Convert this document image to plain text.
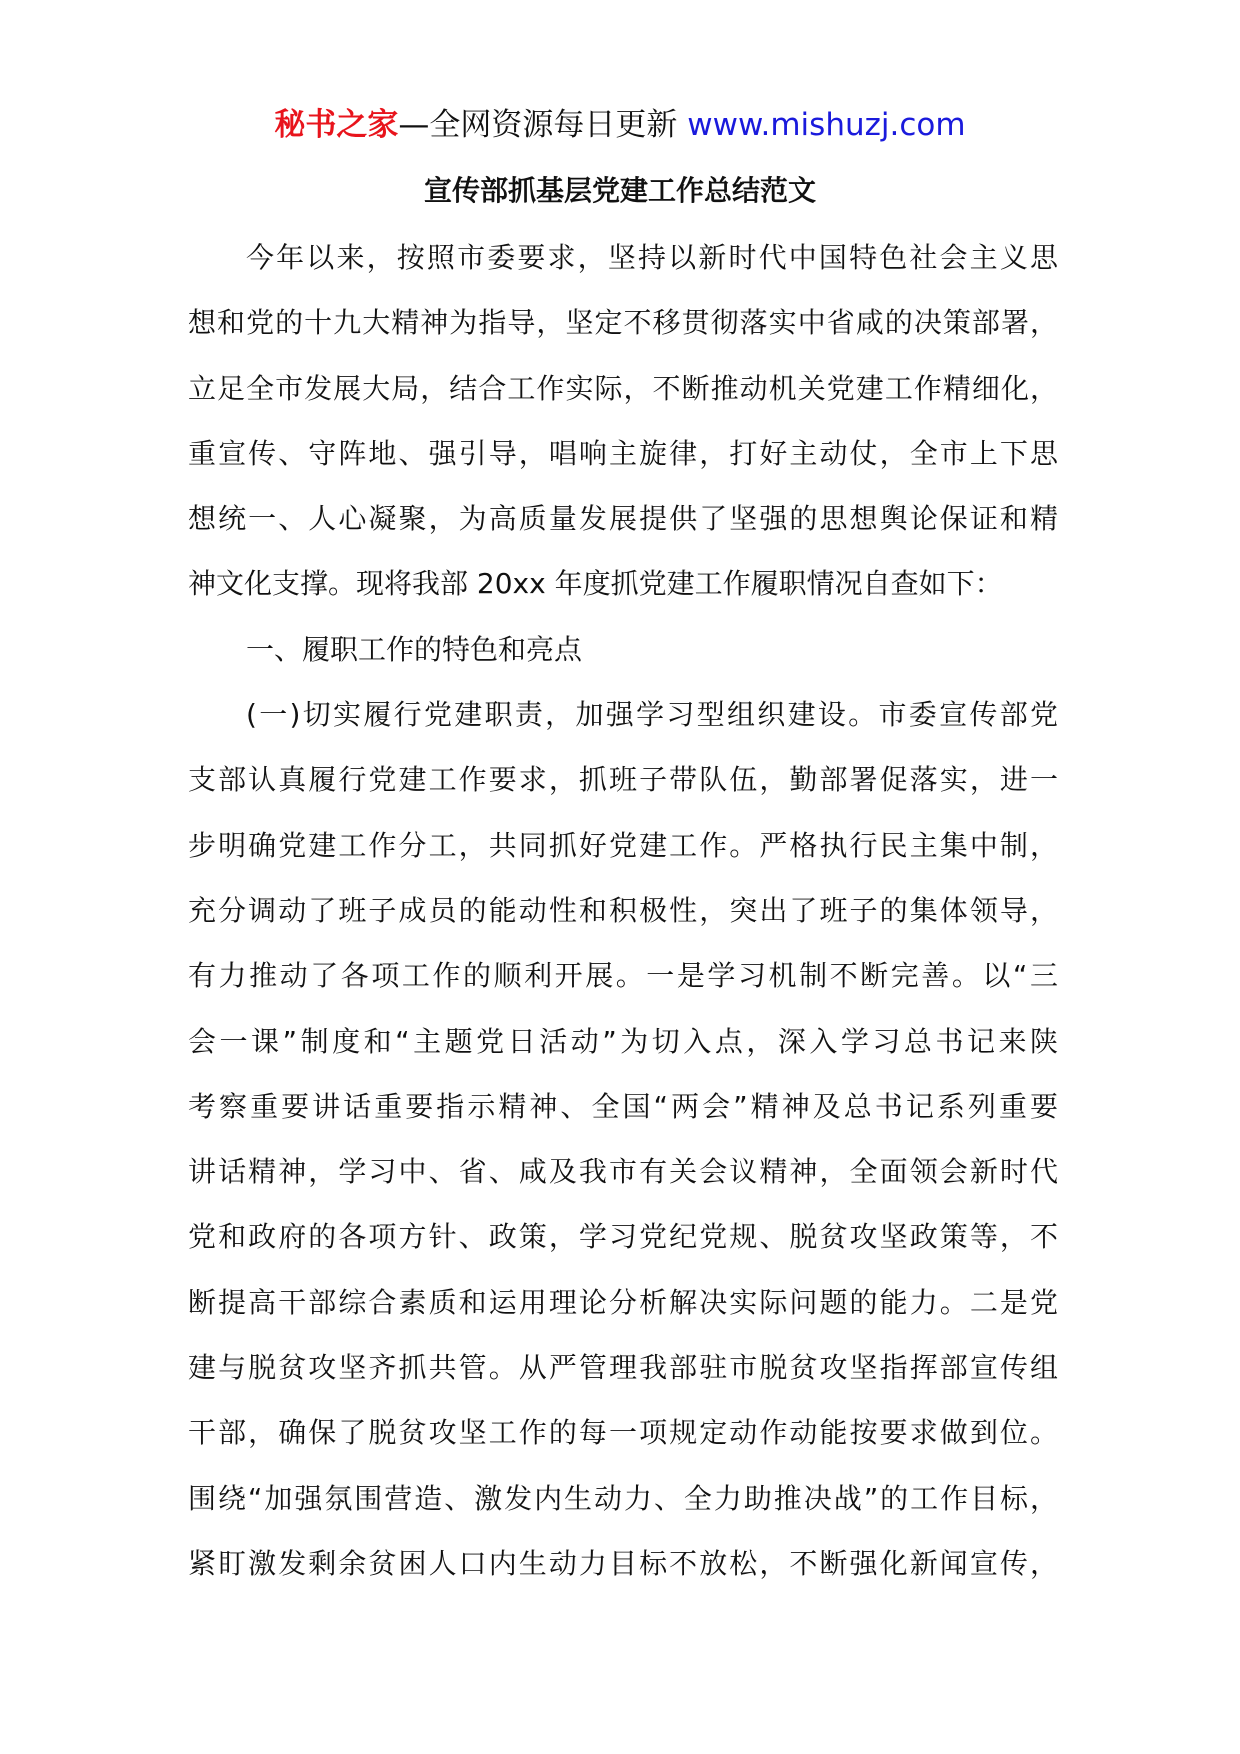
秘书之家—全网资源每日更新 www.mishuzj.com
宣传部抓基层党建工作总结范文
今年以来，按照市委要求，坚持以新时代中国特色社会主义思
想和党的十九大精神为指导，坚定不移贯彻落实中省咸的决策部署，
立足全市发展大局，结合工作实际，不断推动机关党建工作精细化，
重宣传、守阵地、强引导，唱响主旋律，打好主动仗，全市上下思
想统一、人心凝聚，为高质量发展提供了坚强的思想舆论保证和精
神文化支撑。现将我部 20xx 年度抓党建工作履职情况自查如下：
一、履职工作的特色和亮点
(一)切实履行党建职责，加强学习型组织建设。市委宣传部党
支部认真履行党建工作要求，抓班子带队伍，勤部署促落实，进一
步明确党建工作分工，共同抓好党建工作。严格执行民主集中制，
充分调动了班子成员的能动性和积极性，突出了班子的集体领导，
有力推动了各项工作的顺利开展。一是学习机制不断完善。以“三
会一课”制度和“主题党日活动”为切入点，深入学习总书记来陕
考察重要讲话重要指示精神、全国“两会”精神及总书记系列重要
讲话精神，学习中、省、咸及我市有关会议精神，全面领会新时代
党和政府的各项方针、政策，学习党纪党规、脱贫攻坚政策等，不
断提高干部综合素质和运用理论分析解决实际问题的能力。二是党
建与脱贫攻坚齐抓共管。从严管理我部驻市脱贫攻坚指挥部宣传组
干部，确保了脱贫攻坚工作的每一项规定动作动能按要求做到位。
围绕“加强氛围营造、激发内生动力、全力助推决战”的工作目标，
紧盯激发剩余贫困人口内生动力目标不放松，不断强化新闻宣传，
